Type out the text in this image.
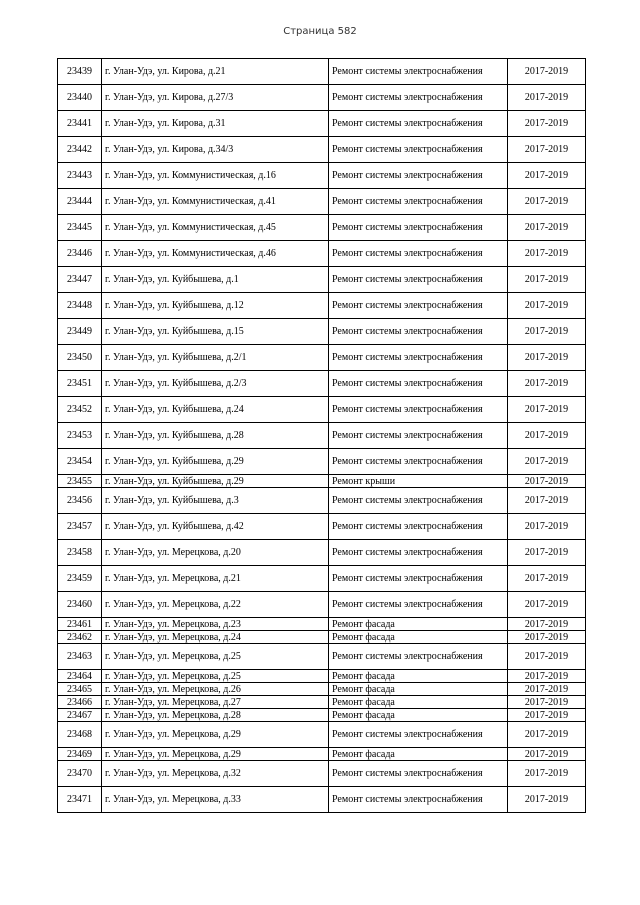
Страница 582
23439	г. Улан-Удэ, ул. Кирова, д.21	Ремонт системы электроснабжения	2017-2019
23440	г. Улан-Удэ, ул. Кирова, д.27/3	Ремонт системы электроснабжения	2017-2019
23441	г. Улан-Удэ, ул. Кирова, д.31	Ремонт системы электроснабжения	2017-2019
23442	г. Улан-Удэ, ул. Кирова, д.34/3	Ремонт системы электроснабжения	2017-2019
23443	г. Улан-Удэ, ул. Коммунистическая, д.16	Ремонт системы электроснабжения	2017-2019
23444	г. Улан-Удэ, ул. Коммунистическая, д.41	Ремонт системы электроснабжения	2017-2019
23445	г. Улан-Удэ, ул. Коммунистическая, д.45	Ремонт системы электроснабжения	2017-2019
23446	г. Улан-Удэ, ул. Коммунистическая, д.46	Ремонт системы электроснабжения	2017-2019
23447	г. Улан-Удэ, ул. Куйбышева, д.1	Ремонт системы электроснабжения	2017-2019
23448	г. Улан-Удэ, ул. Куйбышева, д.12	Ремонт системы электроснабжения	2017-2019
23449	г. Улан-Удэ, ул. Куйбышева, д.15	Ремонт системы электроснабжения	2017-2019
23450	г. Улан-Удэ, ул. Куйбышева, д.2/1	Ремонт системы электроснабжения	2017-2019
23451	г. Улан-Удэ, ул. Куйбышева, д.2/3	Ремонт системы электроснабжения	2017-2019
23452	г. Улан-Удэ, ул. Куйбышева, д.24	Ремонт системы электроснабжения	2017-2019
23453	г. Улан-Удэ, ул. Куйбышева, д.28	Ремонт системы электроснабжения	2017-2019
23454	г. Улан-Удэ, ул. Куйбышева, д.29	Ремонт системы электроснабжения	2017-2019
23455	г. Улан-Удэ, ул. Куйбышева, д.29	Ремонт крыши	2017-2019
23456	г. Улан-Удэ, ул. Куйбышева, д.3	Ремонт системы электроснабжения	2017-2019
23457	г. Улан-Удэ, ул. Куйбышева, д.42	Ремонт системы электроснабжения	2017-2019
23458	г. Улан-Удэ, ул. Мерецкова, д.20	Ремонт системы электроснабжения	2017-2019
23459	г. Улан-Удэ, ул. Мерецкова, д.21	Ремонт системы электроснабжения	2017-2019
23460	г. Улан-Удэ, ул. Мерецкова, д.22	Ремонт системы электроснабжения	2017-2019
23461	г. Улан-Удэ, ул. Мерецкова, д.23	Ремонт фасада	2017-2019
23462	г. Улан-Удэ, ул. Мерецкова, д.24	Ремонт фасада	2017-2019
23463	г. Улан-Удэ, ул. Мерецкова, д.25	Ремонт системы электроснабжения	2017-2019
23464	г. Улан-Удэ, ул. Мерецкова, д.25	Ремонт фасада	2017-2019
23465	г. Улан-Удэ, ул. Мерецкова, д.26	Ремонт фасада	2017-2019
23466	г. Улан-Удэ, ул. Мерецкова, д.27	Ремонт фасада	2017-2019
23467	г. Улан-Удэ, ул. Мерецкова, д.28	Ремонт фасада	2017-2019
23468	г. Улан-Удэ, ул. Мерецкова, д.29	Ремонт системы электроснабжения	2017-2019
23469	г. Улан-Удэ, ул. Мерецкова, д.29	Ремонт фасада	2017-2019
23470	г. Улан-Удэ, ул. Мерецкова, д.32	Ремонт системы электроснабжения	2017-2019
23471	г. Улан-Удэ, ул. Мерецкова, д.33	Ремонт системы электроснабжения	2017-2019
